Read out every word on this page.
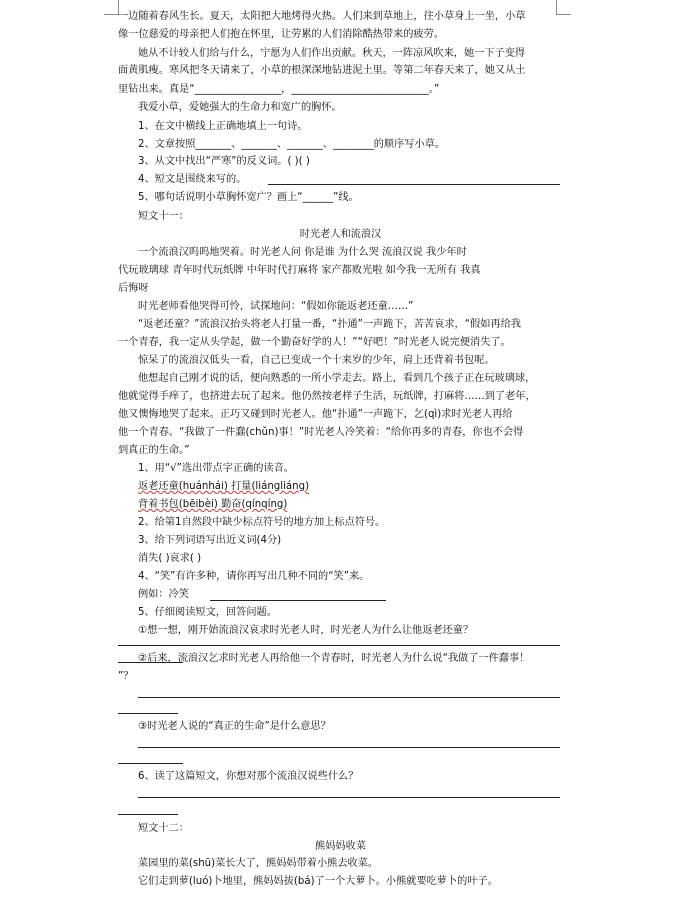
一边随着春风生长。夏天，太阳把大地烤得火热。人们来到草地上，往小草身上一坐，小草
像一位慈爱的母亲把人们抱在怀里，让劳累的人们消除酷热带来的疲劳。
她从不计较人们给与什么，宁愿为人们作出贡献。秋天，一阵凉风吹来，她一下子变得
面黄肌瘦。寒风把冬天请来了，小草的根深深地钻进泥土里。等第二年春天来了，她又从土
里钻出来。真是“_________________，___________________________。”
我爱小草，爱她强大的生命力和宽广的胸怀。
1、在文中横线上正确地填上一句诗。
2、文章按照_______、_______、_______、________的顺序写小草。
3、从文中找出“严寒”的反义词。( )( )
4、短文是围绕来写的。
5、哪句话说明小草胸怀宽广？画上“______”线。
短文十一：
时光老人和流浪汉
一个流浪汉呜呜地哭着。时光老人问 你是谁 为什么哭 流浪汉说 我少年时
代玩玻璃球 青年时代玩纸牌 中年时代打麻将 家产都败光啦 如今我一无所有 我真
后悔呀
时光老师看他哭得可怜，试探地问：“假如你能返老还童……”
“返老还童？”流浪汉抬头将老人打量一番，“扑通”一声跪下，苦苦哀求，“假如再给我
一个青春，我一定从头学起，做一个勤奋好学的人！”“好吧！”时光老人说完便消失了。
惊呆了的流浪汉低头一看，自己已变成一个十来岁的少年，肩上还背着书包呢。
他想起自己刚才说的话，便向熟悉的一所小学走去。路上，看到几个孩子正在玩玻璃球，
他就觉得手痒了，也挤进去玩了起来。他仍然按老样子生活，玩纸牌，打麻将……到了老年，
他又懊悔地哭了起来。正巧又碰到时光老人。他“扑通”一声跪下，乞(qì)求时光老人再给
他一个青春。“我做了一件蠢(chǔn)事！”时光老人冷笑着：“给你再多的青春，你也不会得
到真正的生命。”
1、用“√”选出带点字正确的读音。
返老还童(huánhái) 打量(liángliáng)
背着书包(bēibèi) 勤奋(qínqíng)
2、给第1自然段中缺少标点符号的地方加上标点符号。
3、给下列词语写出近义词(4分)
消失( )哀求( )
4、“笑”有许多种，请你再写出几种不同的“笑”来。
例如：冷笑
5、仔细阅读短文，回答问题。
①想一想，刚开始流浪汉哀求时光老人时，时光老人为什么让他返老还童？
②后来，流浪汉乞求时光老人再给他一个青春时，时光老人为什么说“我做了一件蠢事！
”？
③时光老人说的“真正的生命”是什么意思？
6、读了这篇短文，你想对那个流浪汉说些什么？
短文十二：
熊妈妈收菜
菜园里的菜(shū)菜长大了，熊妈妈带着小熊去收菜。
它们走到萝(luó)卜地里，熊妈妈拔(bá)了一个大萝卜。小熊就要吃萝卜的叶子。
